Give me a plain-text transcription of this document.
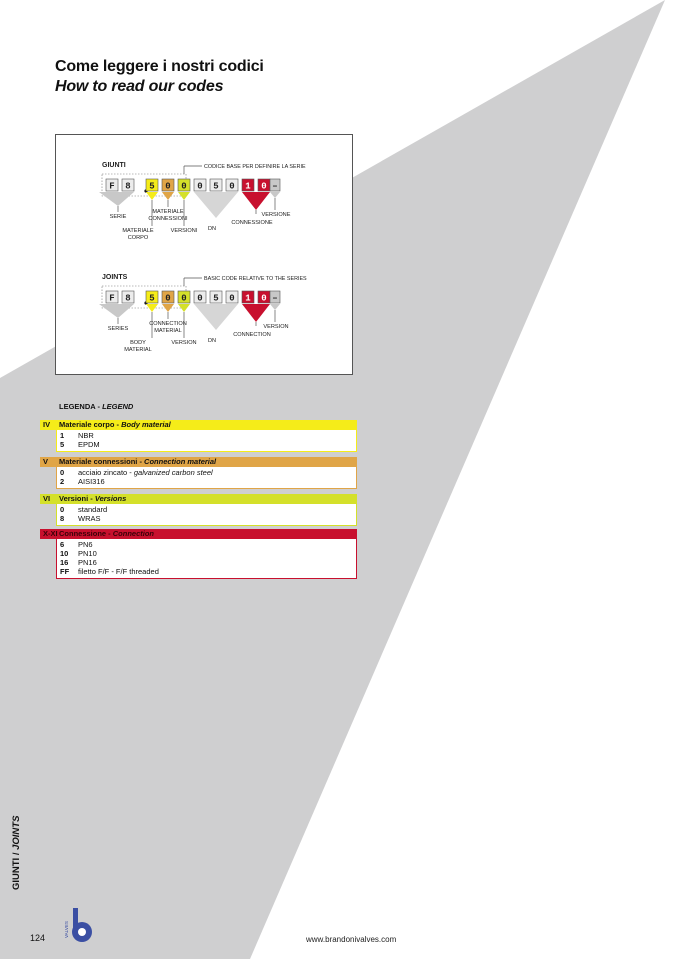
Come leggere i nostri codici
How to read our codes
GIUNTI	CODICE BASE PER DEFINIRE LA SERIE
F 8 5 0 0 0 5 0 1 0 –
SERIE
MATERIALE
CORPO
MATERIALE
CONNESSIONI
VERSIONI DN
CONNESSIONE
VERSIONE
JOINTS	BASIC CODE RELATIVE TO THE SERIES
F 8 5 0 0 0 5 0 1 0 –
SERIES
BODY
MATERIAL
CONNECTION
MATERIAL
VERSION DN
CONNECTION
VERSION
LEGENDA - LEGEND
IV Materiale corpo - Body material
1 NBR
5 EPDM
V Materiale connessioni - Connection material
0 acciaio zincato - galvanized carbon steel
2 AISI316
VI Versioni - Versions
0 standard
8 WRAS
X-XI Connessione - Connection
6 PN6
10 PN10
16 PN16
FF filetto F/F - F/F threaded
GIUNTI / JOINTS
124	VALVES
www.brandonivalves.com
